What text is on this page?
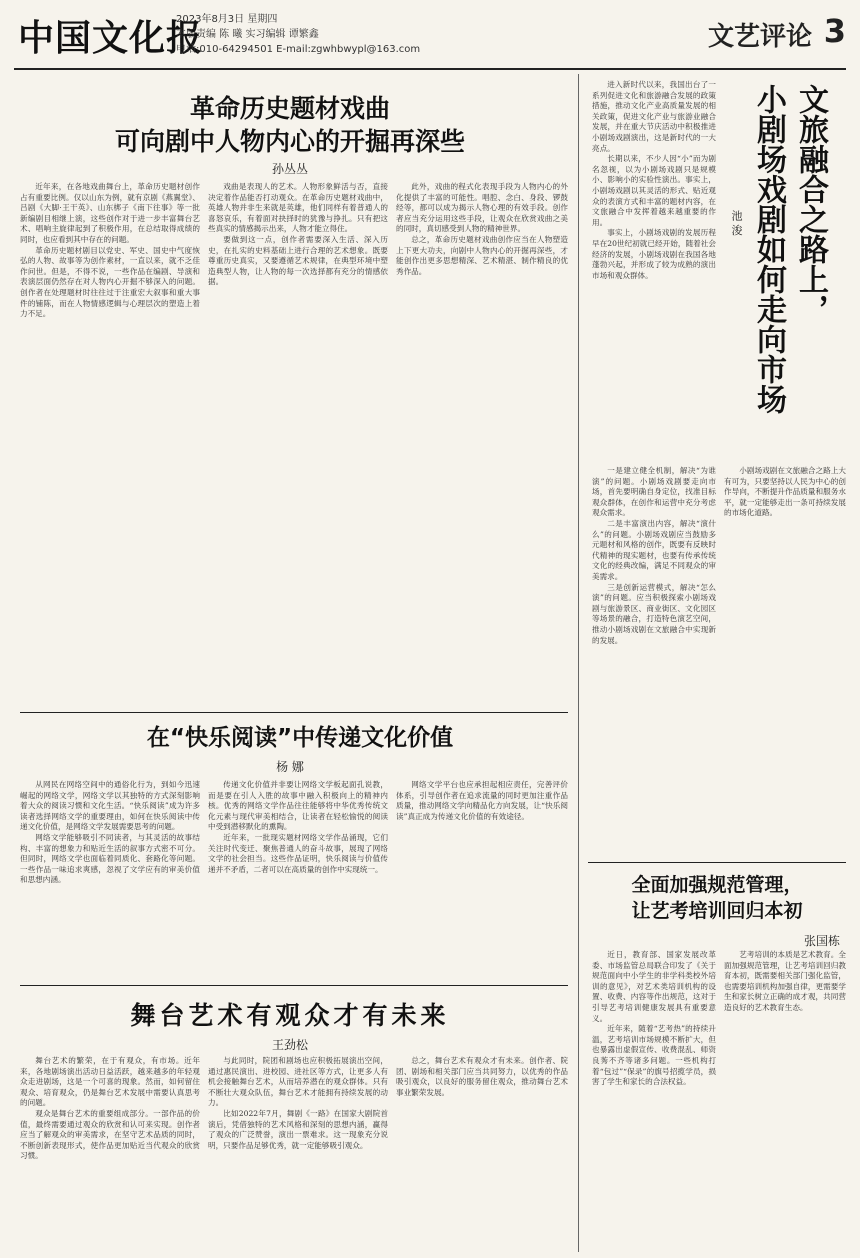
中国文化报
2023年8月3日 星期四
本版责编 陈 曦 实习编辑 谭繁鑫
电话:010-64294501 E-mail:zgwhbwypl@163.com	文艺评论 3
革命历史题材戏曲
可向剧中人物内心的开掘再深些
孙丛丛

近年来，在各地戏曲舞台上，革命历史题材创作占有重要比例。仅以山东为例，就有京剧《燕翼堂》、吕剧《大脚·王干英》、山东梆子《南下往事》等一批新编剧目相继上演，这些创作对于进一步丰富舞台艺术、唱响主旋律起到了积极作用，在总结取得成绩的同时，也应看到其中存在的问题。

革命历史题材剧目以党史、军史、国史中气度恢弘的人物、故事等为创作素材，一直以来，就不乏佳作问世。但是，不得不说，一些作品在编剧、导演和表演层面仍然存在对人物内心开掘不够深入的问题。创作者在处理题材时往往过于注重宏大叙事和重大事件的铺陈，而在人物情感逻辑与心理层次的塑造上着力不足。

戏曲是表现人的艺术。人物形象鲜活与否，直接决定着作品能否打动观众。在革命历史题材戏曲中，英雄人物并非生来就是英雄，他们同样有着普通人的喜怒哀乐，有着面对抉择时的犹豫与挣扎。只有把这些真实的情感揭示出来，人物才能立得住。

要做到这一点，创作者需要深入生活、深入历史，在扎实的史料基础上进行合理的艺术想象。既要尊重历史真实，又要遵循艺术规律，在典型环境中塑造典型人物，让人物的每一次选择都有充分的情感依据。

此外，戏曲的程式化表现手段为人物内心的外化提供了丰富的可能性。唱腔、念白、身段、锣鼓经等，都可以成为揭示人物心理的有效手段。创作者应当充分运用这些手段，让观众在欣赏戏曲之美的同时，真切感受到人物的精神世界。

总之，革命历史题材戏曲创作应当在人物塑造上下更大功夫，向剧中人物内心的开掘再深些，才能创作出更多思想精深、艺术精湛、制作精良的优秀作品。

在“快乐阅读”中传递文化价值
杨 娜

从网民在网络空间中的通俗化行为，到如今迅速崛起的网络文学，网络文学以其独特的方式深刻影响着大众的阅读习惯和文化生活。“快乐阅读”成为许多读者选择网络文学的重要理由，如何在快乐阅读中传递文化价值，是网络文学发展需要思考的问题。

网络文学能够吸引不同读者，与其灵活的故事结构、丰富的想象力和贴近生活的叙事方式密不可分。但同时，网络文学也面临着同质化、套路化等问题。一些作品一味追求爽感，忽视了文学应有的审美价值和思想内涵。

传递文化价值并非要让网络文学板起面孔说教，而是要在引人入胜的故事中融入积极向上的精神内核。优秀的网络文学作品往往能够将中华优秀传统文化元素与现代审美相结合，让读者在轻松愉悦的阅读中受到潜移默化的熏陶。

近年来，一批现实题材网络文学作品涌现，它们关注时代变迁、聚焦普通人的奋斗故事，展现了网络文学的社会担当。这些作品证明，快乐阅读与价值传递并不矛盾，二者可以在高质量的创作中实现统一。

网络文学平台也应承担起相应责任，完善评价体系，引导创作者在追求流量的同时更加注重作品质量，推动网络文学向精品化方向发展，让“快乐阅读”真正成为传递文化价值的有效途径。

舞台艺术有观众才有未来
王劲松

舞台艺术的繁荣，在于有观众，有市场。近年来，各地剧场演出活动日益活跃，越来越多的年轻观众走进剧场，这是一个可喜的现象。然而，如何留住观众、培育观众，仍是舞台艺术发展中需要认真思考的问题。

观众是舞台艺术的重要组成部分。一部作品的价值，最终需要通过观众的欣赏和认可来实现。创作者应当了解观众的审美需求，在坚守艺术品质的同时，不断创新表现形式，使作品更加贴近当代观众的欣赏习惯。

与此同时，院团和剧场也应积极拓展演出空间，通过惠民演出、进校园、进社区等方式，让更多人有机会接触舞台艺术，从而培养潜在的观众群体。只有不断壮大观众队伍，舞台艺术才能拥有持续发展的动力。

比如2022年7月，舞剧《一路》在国家大剧院首演后，凭借独特的艺术风格和深刻的思想内涵，赢得了观众的广泛赞誉，演出一票难求。这一现象充分说明，只要作品足够优秀，就一定能够吸引观众。

总之，舞台艺术有观众才有未来。创作者、院团、剧场和相关部门应当共同努力，以优秀的作品吸引观众，以良好的服务留住观众，推动舞台艺术事业繁荣发展。

文旅融合之路上，
小剧场戏剧如何走向市场
池 浚

进入新时代以来，我国出台了一系列促进文化和旅游融合发展的政策措施，推动文化产业高质量发展的相关政策，促进文化产业与旅游业融合发展，并在重大节庆活动中积极推进小剧场戏剧演出，这是新时代的一大亮点。

长期以来，不少人因“小”而为剧名忽视，以为小剧场戏剧只是规模小、影响小的实验性演出。事实上，小剧场戏剧以其灵活的形式、贴近观众的表演方式和丰富的题材内容，在文旅融合中发挥着越来越重要的作用。

事实上，小剧场戏剧的发展历程早在20世纪初就已经开始，随着社会经济的发展，小剧场戏剧在我国各地蓬勃兴起，并形成了较为成熟的演出市场和观众群体。

一是建立健全机制，解决“为谁演”的问题。小剧场戏剧要走向市场，首先要明确自身定位，找准目标观众群体，在创作和运营中充分考虑观众需求。

二是丰富演出内容，解决“演什么”的问题。小剧场戏剧应当鼓励多元题材和风格的创作，既要有反映时代精神的现实题材，也要有传承传统文化的经典改编，满足不同观众的审美需求。

三是创新运营模式，解决“怎么演”的问题。应当积极探索小剧场戏剧与旅游景区、商业街区、文化园区等场景的融合，打造特色演艺空间，推动小剧场戏剧在文旅融合中实现新的发展。

小剧场戏剧在文旅融合之路上大有可为，只要坚持以人民为中心的创作导向，不断提升作品质量和服务水平，就一定能够走出一条可持续发展的市场化道路。

全面加强规范管理，
让艺考培训回归本初
张国栋

近日，教育部、国家发展改革委、市场监管总局联合印发了《关于规范面向中小学生的非学科类校外培训的意见》，对艺术类培训机构的设置、收费、内容等作出规范，这对于引导艺考培训健康发展具有重要意义。

近年来，随着“艺考热”的持续升温，艺考培训市场规模不断扩大，但也暴露出虚假宣传、收费混乱、师资良莠不齐等诸多问题。一些机构打着“包过”“保录”的旗号招揽学员，损害了学生和家长的合法权益。

艺考培训的本质是艺术教育。全面加强规范管理，让艺考培训回归教育本初，既需要相关部门强化监管，也需要培训机构加强自律，更需要学生和家长树立正确的成才观，共同营造良好的艺术教育生态。
